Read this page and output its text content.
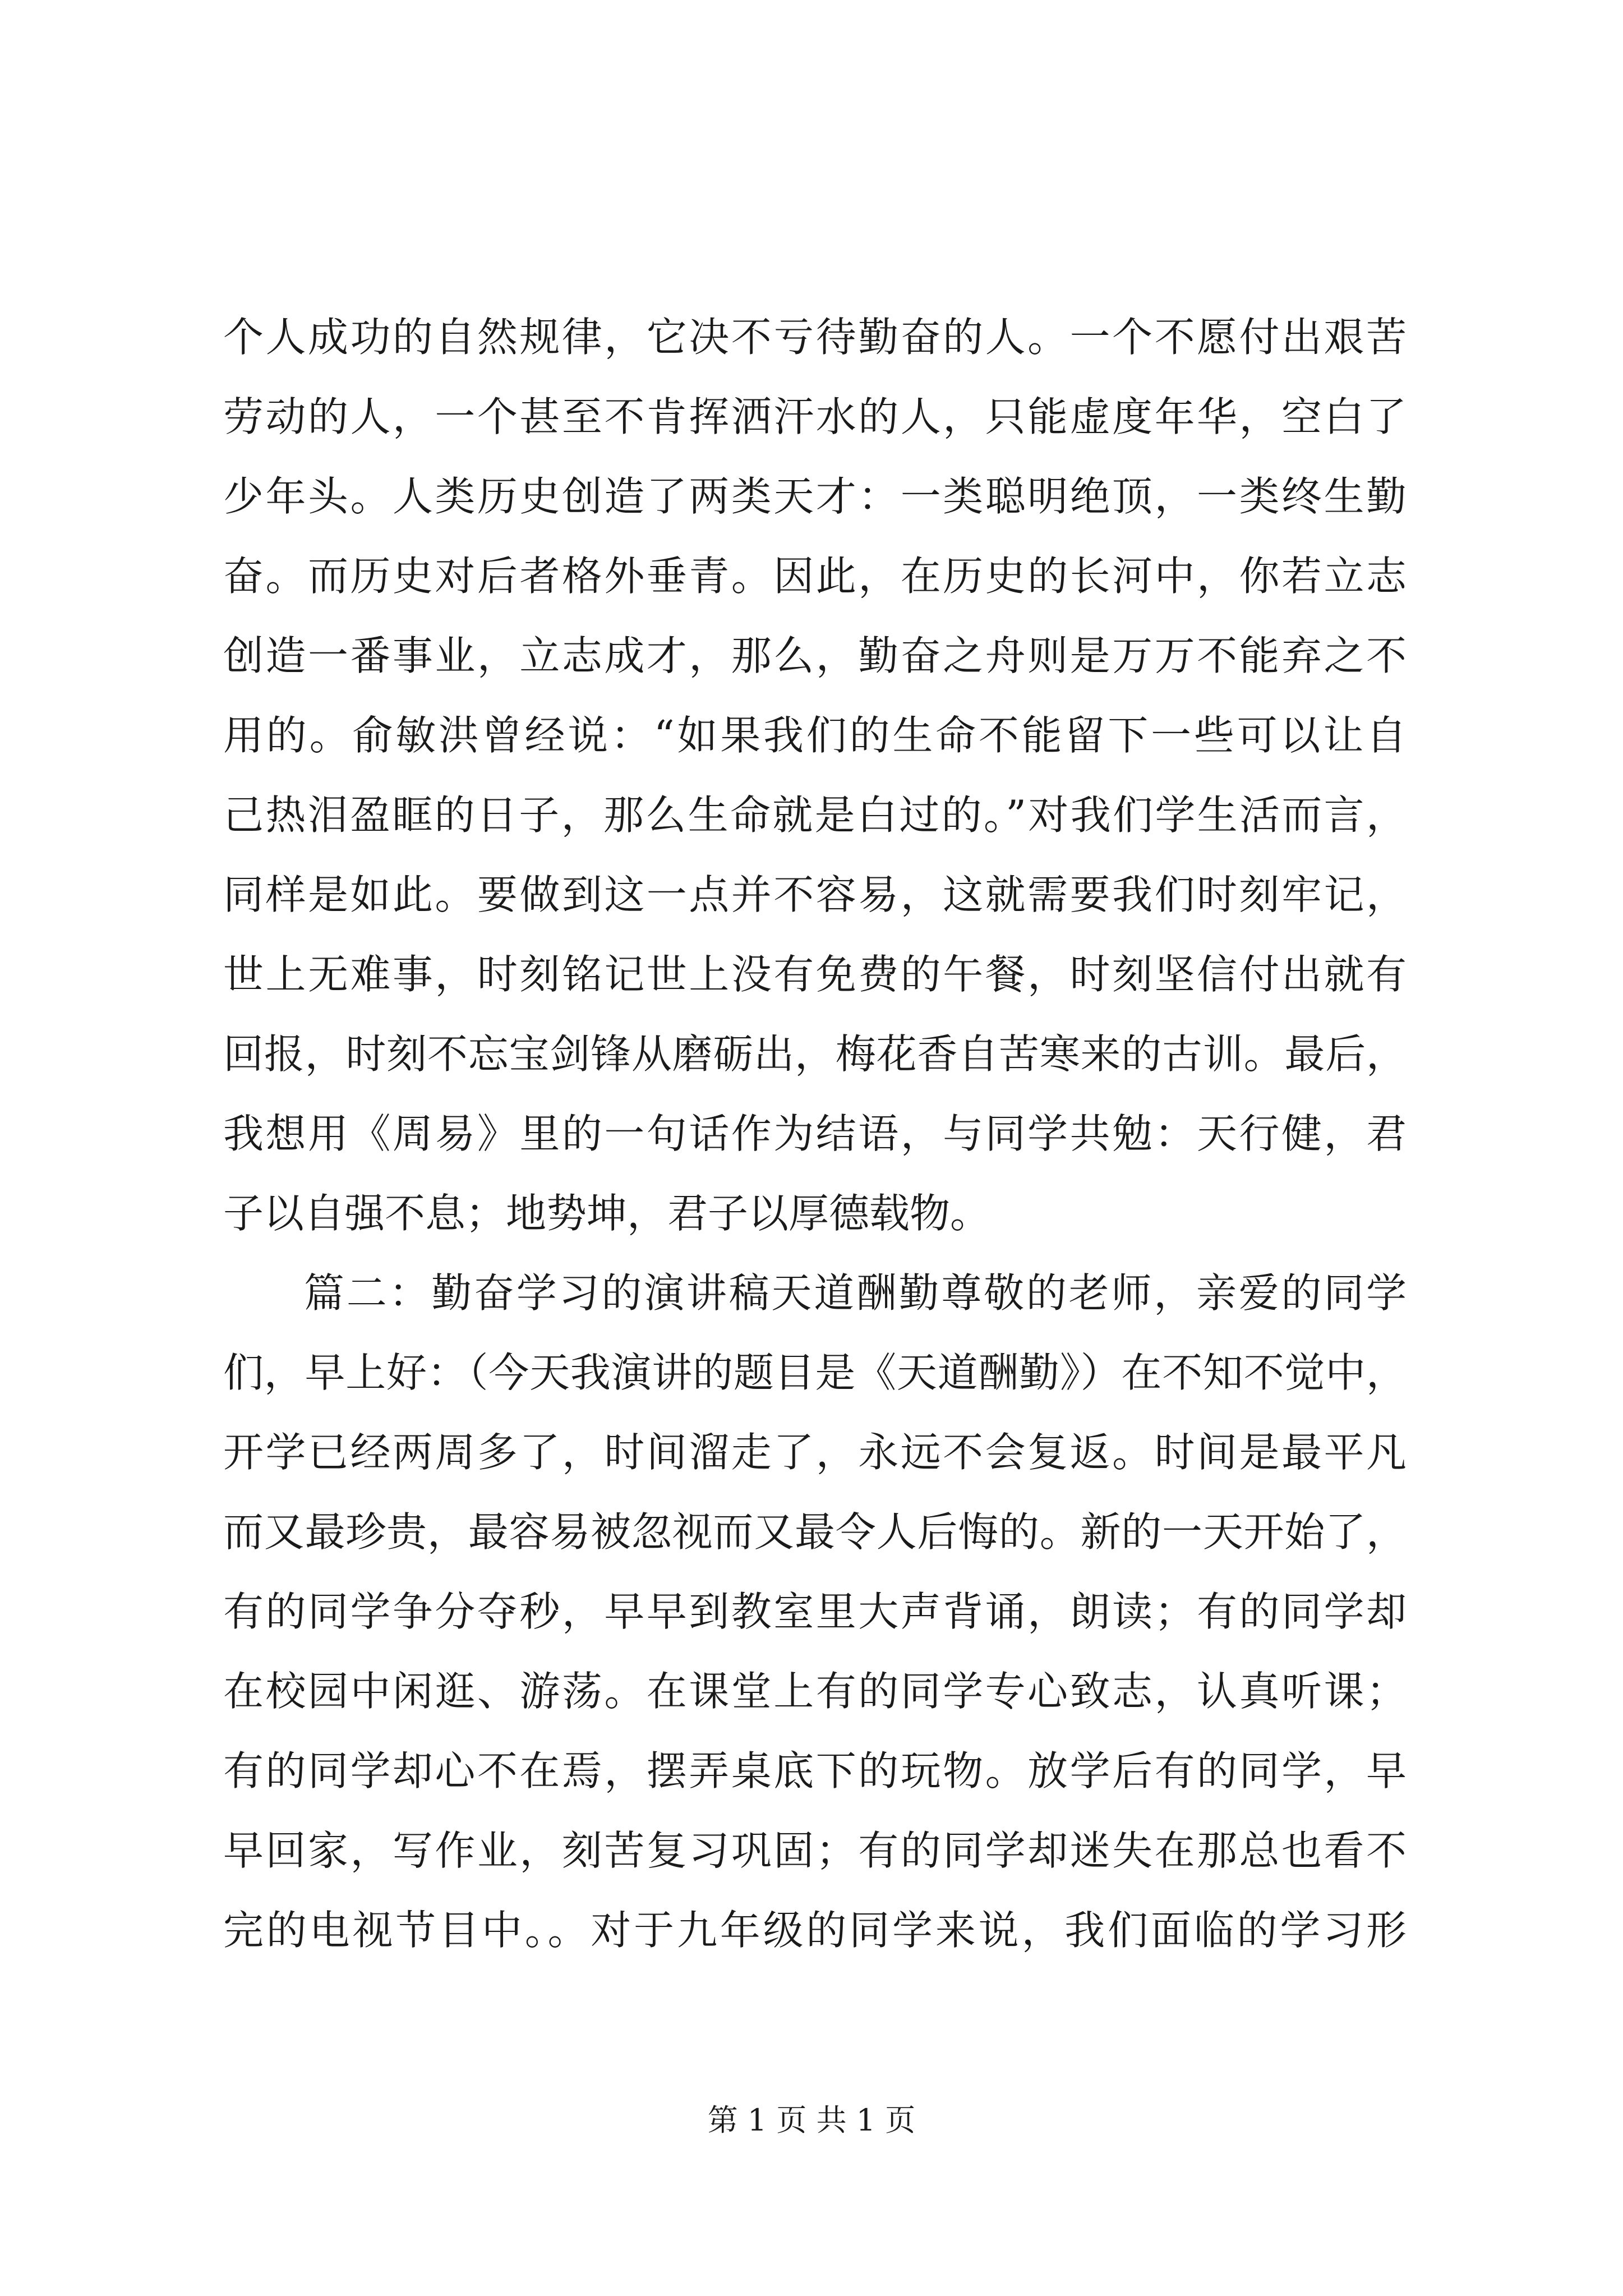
个人成功的自然规律，它决不亏待勤奋的人。一个不愿付出艰苦
劳动的人，一个甚至不肯挥洒汗水的人，只能虚度年华，空白了
少年头。人类历史创造了两类天才：一类聪明绝顶，一类终生勤
奋。而历史对后者格外垂青。因此，在历史的长河中，你若立志
创造一番事业，立志成才，那么，勤奋之舟则是万万不能弃之不
用的。俞敏洪曾经说：“如果我们的生命不能留下一些可以让自
己热泪盈眶的日子，那么生命就是白过的。”对我们学生活而言，
同样是如此。要做到这一点并不容易，这就需要我们时刻牢记，
世上无难事，时刻铭记世上没有免费的午餐，时刻坚信付出就有
回报，时刻不忘宝剑锋从磨砺出，梅花香自苦寒来的古训。最后，
我想用《周易》里的一句话作为结语，与同学共勉：天行健，君
子以自强不息；地势坤，君子以厚德载物。
篇二：勤奋学习的演讲稿天道酬勤尊敬的老师，亲爱的同学
们，早上好：（今天我演讲的题目是《天道酬勤》）在不知不觉中，
开学已经两周多了，时间溜走了，永远不会复返。时间是最平凡
而又最珍贵，最容易被忽视而又最令人后悔的。新的一天开始了，
有的同学争分夺秒，早早到教室里大声背诵，朗读；有的同学却
在校园中闲逛、游荡。在课堂上有的同学专心致志，认真听课；
有的同学却心不在焉，摆弄桌底下的玩物。放学后有的同学，早
早回家，写作业，刻苦复习巩固；有的同学却迷失在那总也看不
完的电视节目中。。对于九年级的同学来说，我们面临的学习形
第 1 页 共 1 页
